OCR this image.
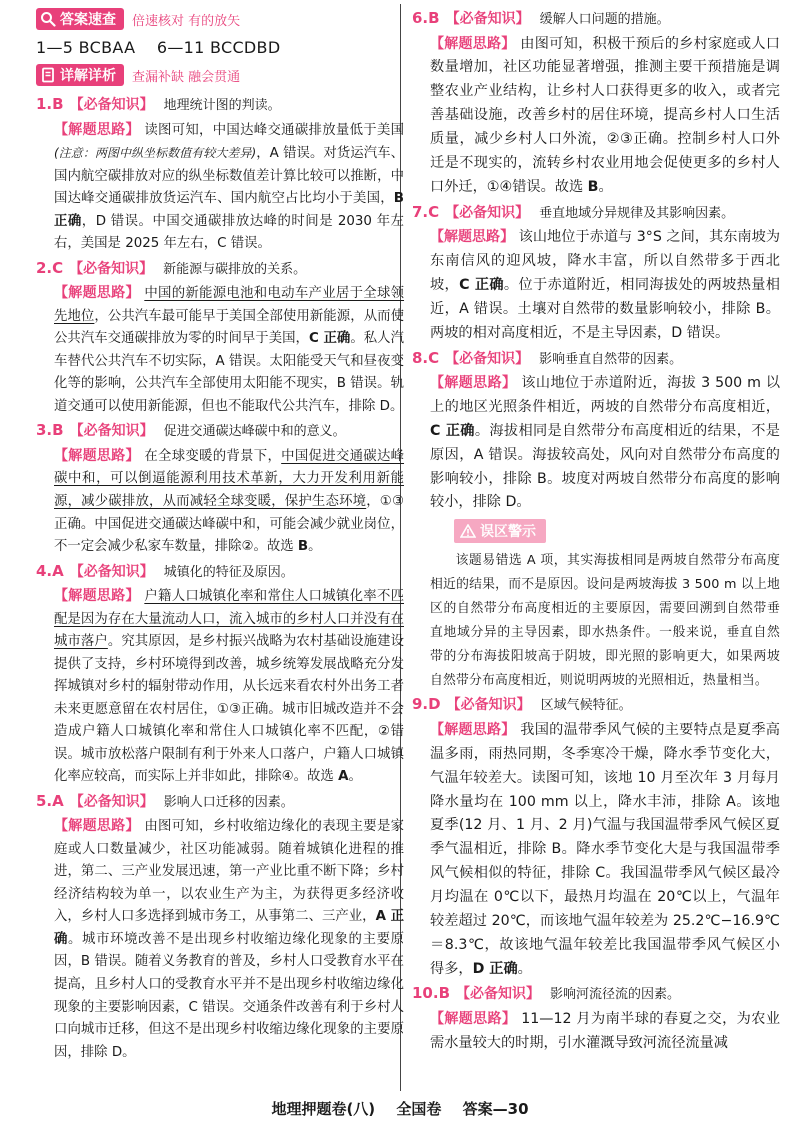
答案速查 倍速核对 有的放矢

1—5 BCBAA    6—11 BCCDBD

详解详析 查漏补缺 融会贯通

1.B 【必备知识】 地理统计图的判读。

【解题思路】 读图可知，中国达峰交通碳排放量低于美国(注意：两图中纵坐标数值有较大差异)，A 错误。对货运汽车、国内航空碳排放对应的纵坐标数值差计算比较可以推断，中国达峰交通碳排放货运汽车、国内航空占比均小于美国，B 正确，D 错误。中国交通碳排放达峰的时间是 2030 年左右，美国是 2025 年左右，C 错误。

2.C 【必备知识】 新能源与碳排放的关系。

【解题思路】 中国的新能源电池和电动车产业居于全球领先地位，公共汽车最可能早于美国全部使用新能源，从而使公共汽车交通碳排放为零的时间早于美国，C 正确。私人汽车替代公共汽车不切实际，A 错误。太阳能受天气和昼夜变化等的影响，公共汽车全部使用太阳能不现实，B 错误。轨道交通可以使用新能源，但也不能取代公共汽车，排除 D。

3.B 【必备知识】 促进交通碳达峰碳中和的意义。

【解题思路】 在全球变暖的背景下，中国促进交通碳达峰碳中和，可以倒逼能源利用技术革新，大力开发利用新能源，减少碳排放，从而减轻全球变暖，保护生态环境，①③正确。中国促进交通碳达峰碳中和，可能会减少就业岗位，不一定会减少私家车数量，排除②。故选 B。

4.A 【必备知识】 城镇化的特征及原因。

【解题思路】 户籍人口城镇化率和常住人口城镇化率不匹配是因为存在大量流动人口，流入城市的乡村人口并没有在城市落户。究其原因，是乡村振兴战略为农村基础设施建设提供了支持，乡村环境得到改善，城乡统筹发展战略充分发挥城镇对乡村的辐射带动作用，从长远来看农村外出务工者未来更愿意留在农村居住，①③正确。城市旧城改造并不会造成户籍人口城镇化率和常住人口城镇化率不匹配，②错误。城市放松落户限制有利于外来人口落户，户籍人口城镇化率应较高，而实际上并非如此，排除④。故选 A。

5.A 【必备知识】 影响人口迁移的因素。

【解题思路】 由图可知，乡村收缩边缘化的表现主要是家庭或人口数量减少，社区功能减弱。随着城镇化进程的推进，第二、三产业发展迅速，第一产业比重不断下降；乡村经济结构较为单一，以农业生产为主，为获得更多经济收入，乡村人口多选择到城市务工，从事第二、三产业，A 正确。城市环境改善不是出现乡村收缩边缘化现象的主要原因，B 错误。随着义务教育的普及，乡村人口受教育水平在提高，且乡村人口的受教育水平并不是出现乡村收缩边缘化现象的主要影响因素，C 错误。交通条件改善有利于乡村人口向城市迁移，但这不是出现乡村收缩边缘化现象的主要原因，排除 D。

6.B 【必备知识】 缓解人口问题的措施。

【解题思路】 由图可知，积极干预后的乡村家庭或人口数量增加，社区功能显著增强，推测主要干预措施是调整农业产业结构，让乡村人口获得更多的收入，或者完善基础设施，改善乡村的居住环境，提高乡村人口生活质量，减少乡村人口外流，②③正确。控制乡村人口外迁是不现实的，流转乡村农业用地会促使更多的乡村人口外迁，①④错误。故选 B。

7.C 【必备知识】 垂直地域分异规律及其影响因素。

【解题思路】 该山地位于赤道与 3°S 之间，其东南坡为东南信风的迎风坡，降水丰富，所以自然带多于西北坡，C 正确。位于赤道附近，相同海拔处的两坡热量相近，A 错误。土壤对自然带的数量影响较小，排除 B。两坡的相对高度相近，不是主导因素，D 错误。

8.C 【必备知识】 影响垂直自然带的因素。

【解题思路】 该山地位于赤道附近，海拔 3 500 m 以上的地区光照条件相近，两坡的自然带分布高度相近，C 正确。海拔相同是自然带分布高度相近的结果，不是原因，A 错误。海拔较高处，风向对自然带分布高度的影响较小，排除 B。坡度对两坡自然带分布高度的影响较小，排除 D。

误区警示

该题易错选 A 项，其实海拔相同是两坡自然带分布高度相近的结果，而不是原因。设问是两坡海拔 3 500 m 以上地区的自然带分布高度相近的主要原因，需要回溯到自然带垂直地域分异的主导因素，即水热条件。一般来说，垂直自然带的分布海拔阳坡高于阴坡，即光照的影响更大，如果两坡自然带分布高度相近，则说明两坡的光照相近，热量相当。

9.D 【必备知识】 区域气候特征。

【解题思路】 我国的温带季风气候的主要特点是夏季高温多雨，雨热同期，冬季寒冷干燥，降水季节变化大，气温年较差大。读图可知，该地 10 月至次年 3 月每月降水量均在 100 mm 以上，降水丰沛，排除 A。该地夏季(12 月、1 月、2 月)气温与我国温带季风气候区夏季气温相近，排除 B。降水季节变化大是与我国温带季风气候相似的特征，排除 C。我国温带季风气候区最冷月均温在 0℃以下，最热月均温在 20℃以上，气温年较差超过 20℃，而该地气温年较差为 25.2℃−16.9℃＝8.3℃，故该地气温年较差比我国温带季风气候区小得多，D 正确。

10.B 【必备知识】 影响河流径流的因素。

【解题思路】 11—12 月为南半球的春夏之交，为农业需水量较大的时期，引水灌溉导致河流径流量减

地理押题卷(八) 全国卷 答案—30
